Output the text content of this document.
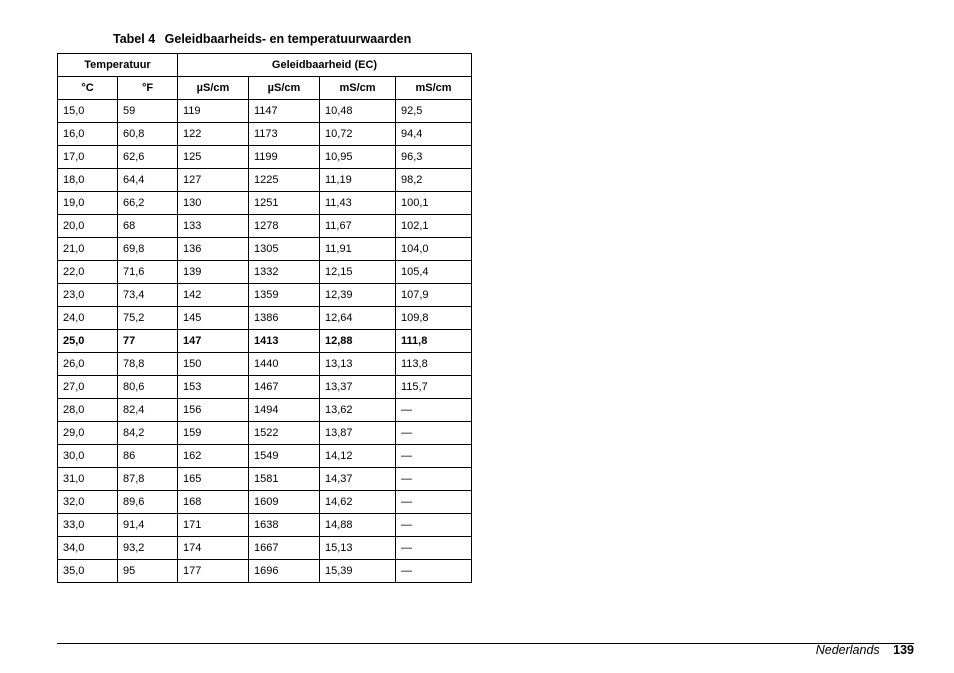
Tabel 4 Geleidbaarheids- en temperatuurwaarden
Temperatuur		Geleidbaarheid (EC)			
°C	°F	µS/cm	µS/cm	mS/cm	mS/cm
15,0	59	119	1147	10,48	92,5
16,0	60,8	122	1173	10,72	94,4
17,0	62,6	125	1199	10,95	96,3
18,0	64,4	127	1225	11,19	98,2
19,0	66,2	130	1251	11,43	100,1
20,0	68	133	1278	11,67	102,1
21,0	69,8	136	1305	11,91	104,0
22,0	71,6	139	1332	12,15	105,4
23,0	73,4	142	1359	12,39	107,9
24,0	75,2	145	1386	12,64	109,8
25,0	77	147	1413	12,88	111,8
26,0	78,8	150	1440	13,13	113,8
27,0	80,6	153	1467	13,37	115,7
28,0	82,4	156	1494	13,62	—
29,0	84,2	159	1522	13,87	—
30,0	86	162	1549	14,12	—
31,0	87,8	165	1581	14,37	—
32,0	89,6	168	1609	14,62	—
33,0	91,4	171	1638	14,88	—
34,0	93,2	174	1667	15,13	—
35,0	95	177	1696	15,39	—
Nederlands 139
